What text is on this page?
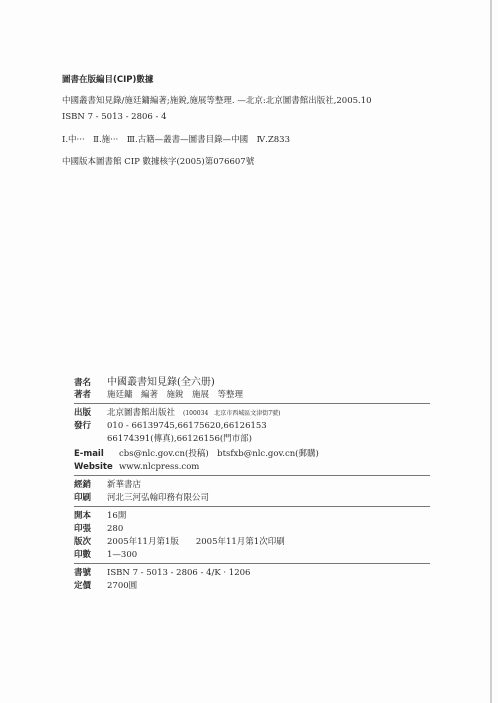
圖書在版編目(CIP)數據
中國叢書知見錄/施廷鏞編著;施銳,施展等整理. —北京:北京圖書館出版社,2005.10
ISBN 7 - 5013 - 2806 - 4
Ⅰ.中···　Ⅱ.施···　Ⅲ.古籍—叢書—圖書目錄—中國　Ⅳ.Z833
中國版本圖書館 CIP 數據核字(2005)第076607號
書名	中國叢書知見錄(全六册)
著者	施廷鏞　編著　施銳　施展　等整理
出版	北京圖書館出版社 (100034　北京市西城區文津街7號)
發行	010 - 66139745,66175620,66126153
66174391(傳真),66126156(門市部)
E-mail	cbs@nlc.gov.cn(投稿)　btsfxb@nlc.gov.cn(郵購)
Website www.nlcpress.com
經銷	新華書店
印刷	河北三河弘翰印務有限公司
開本	16開
印張	280
版次	2005年11月第1版　　2005年11月第1次印刷
印數	1—300
書號	ISBN 7 - 5013 - 2806 - 4/K · 1206
定價	2700圓
